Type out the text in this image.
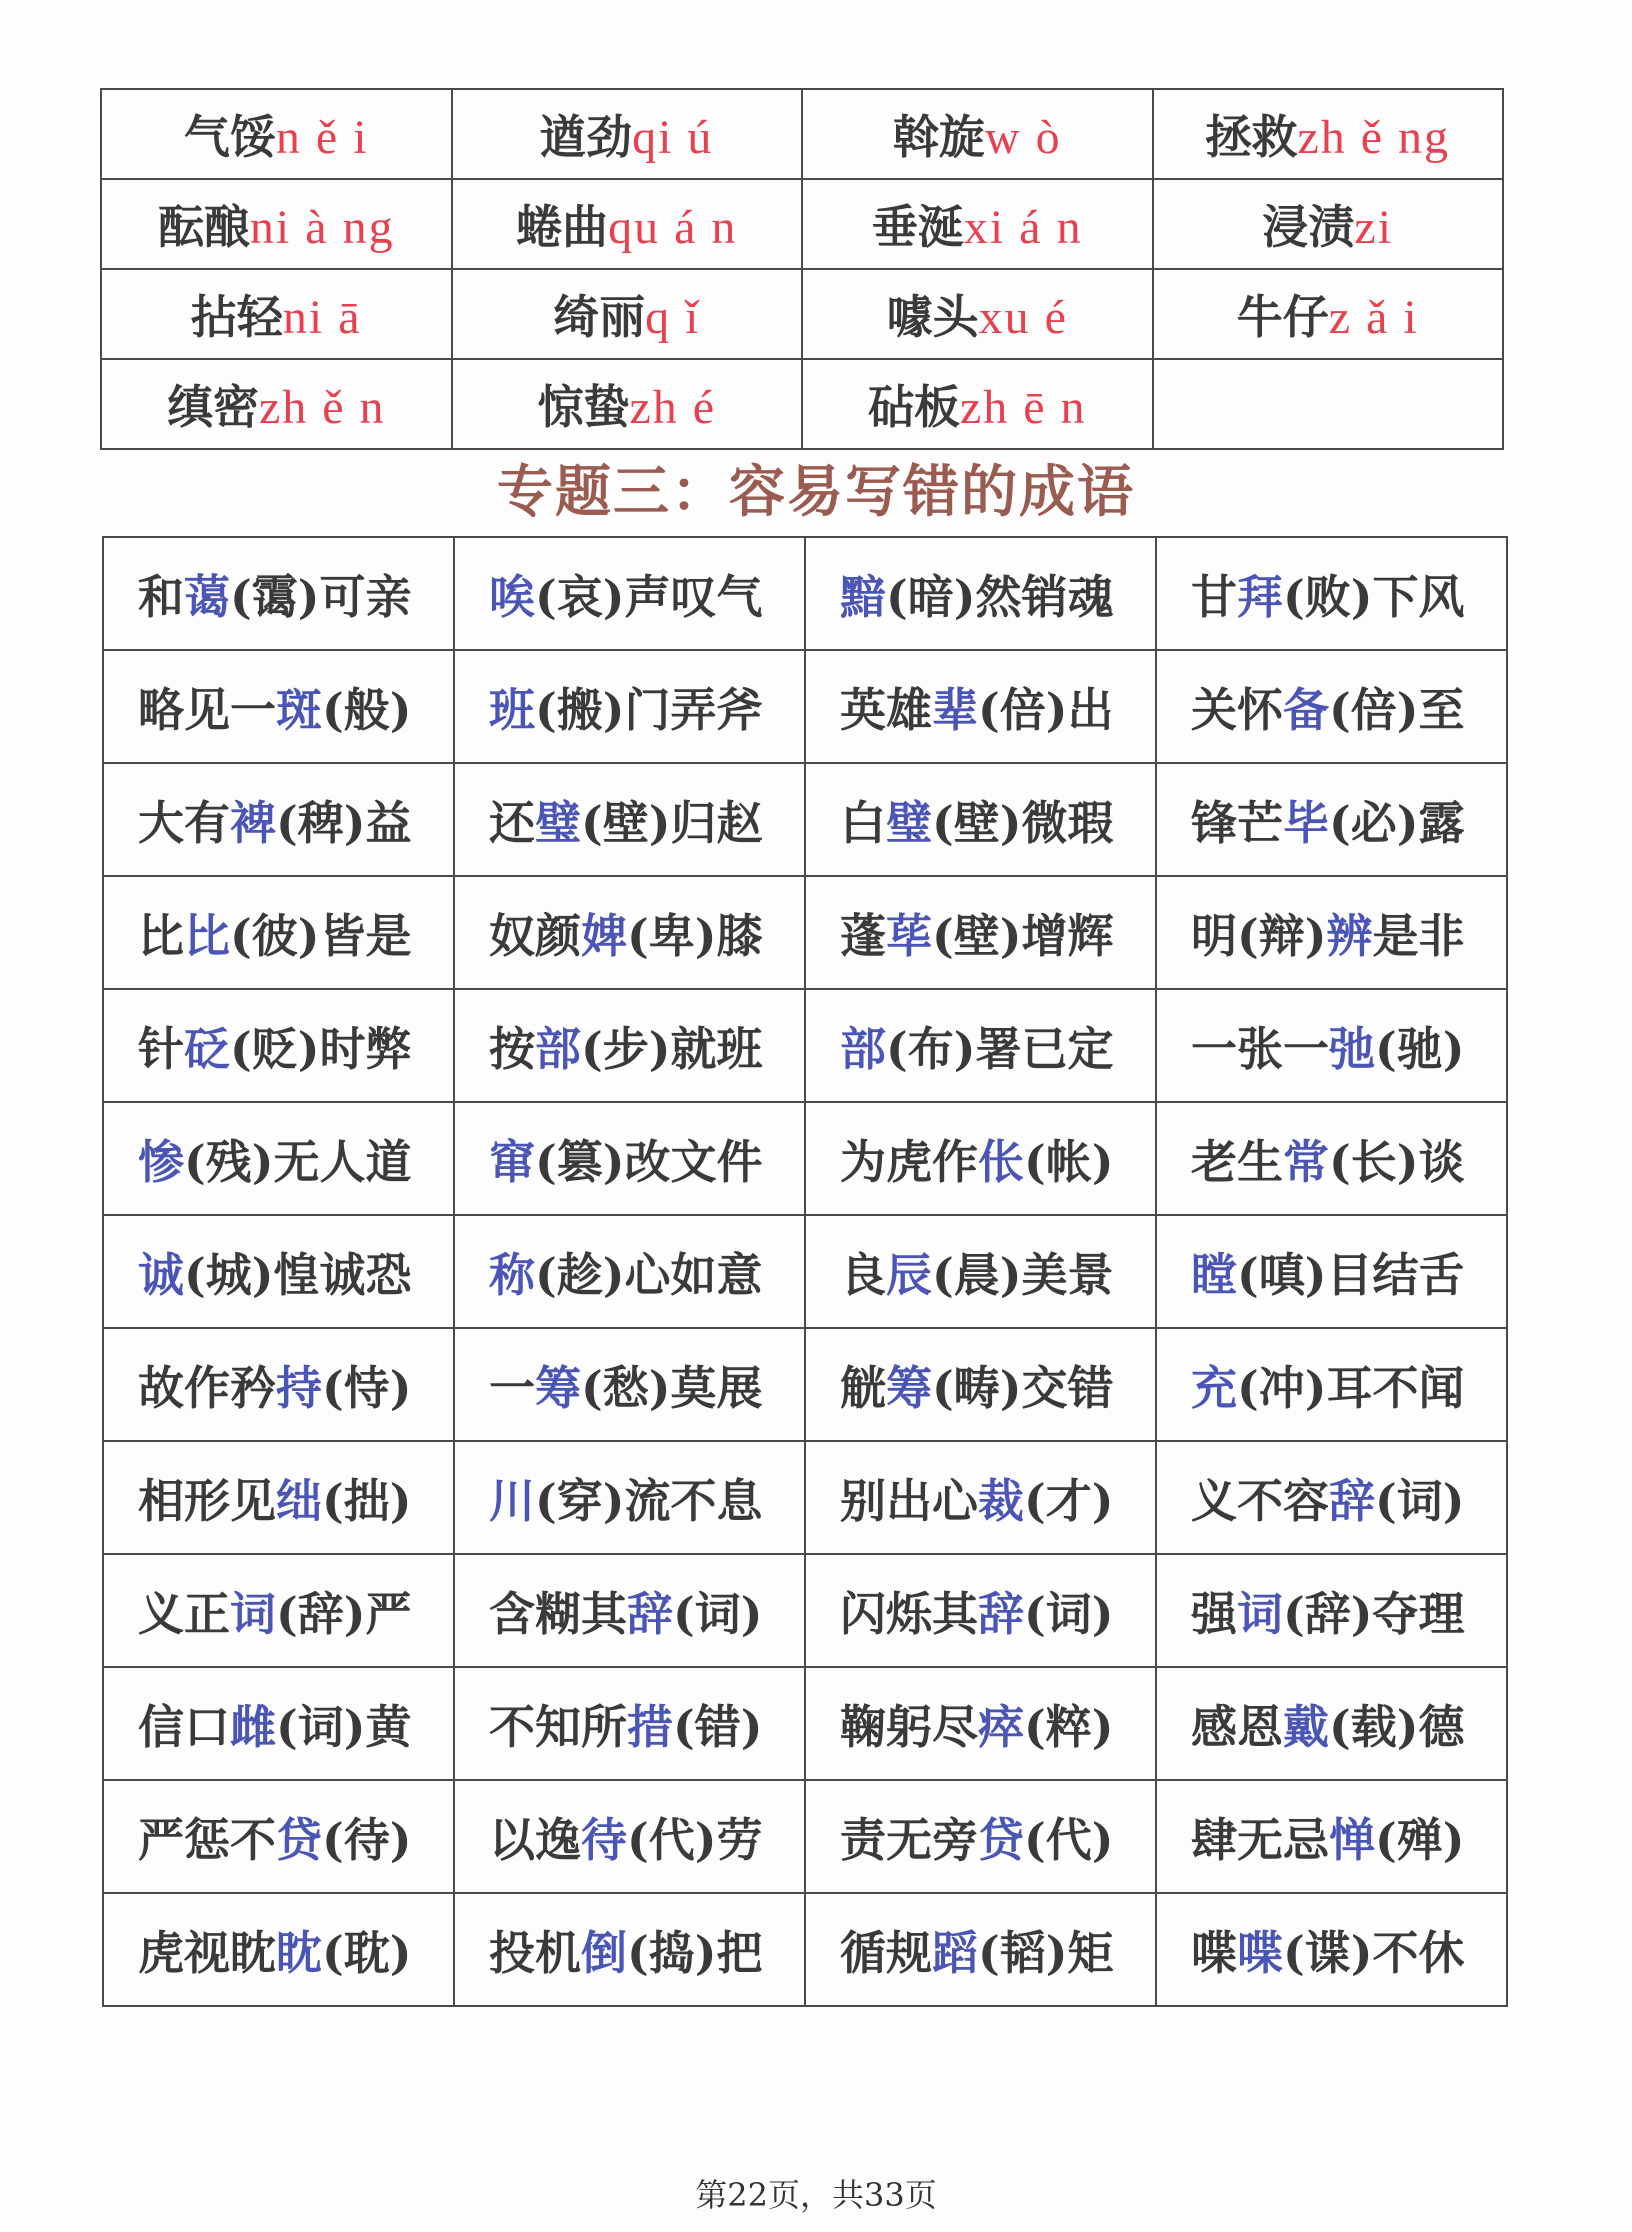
气馁n ě i	遒劲qi ú	斡旋w ò	拯救zh ě ng
酝酿ni à ng	蜷曲qu á n	垂涎xi á n	浸渍zi
拈轻ni ā	绮丽q ǐ	噱头xu é	牛仔z ǎ i
缜密zh ě n	惊蛰zh é	砧板zh ē n	
专题三：容易写错的成语
和蔼(霭)可亲	唉(哀)声叹气	黯(暗)然销魂	甘拜(败)下风
略见一斑(般)	班(搬)门弄斧	英雄辈(倍)出	关怀备(倍)至
大有裨(稗)益	还璧(壁)归赵	白璧(壁)微瑕	锋芒毕(必)露
比比(彼)皆是	奴颜婢(卑)膝	蓬荜(壁)增辉	明(辩)辨是非
针砭(贬)时弊	按部(步)就班	部(布)署已定	一张一弛(驰)
惨(残)无人道	窜(篡)改文件	为虎作伥(帐)	老生常(长)谈
诚(城)惶诚恐	称(趁)心如意	良辰(晨)美景	瞠(嗔)目结舌
故作矜持(恃)	一筹(愁)莫展	觥筹(畴)交错	充(冲)耳不闻
相形见绌(拙)	川(穿)流不息	别出心裁(才)	义不容辞(词)
义正词(辞)严	含糊其辞(词)	闪烁其辞(词)	强词(辞)夺理
信口雌(词)黄	不知所措(错)	鞠躬尽瘁(粹)	感恩戴(载)德
严惩不贷(待)	以逸待(代)劳	责无旁贷(代)	肆无忌惮(殚)
虎视眈眈(耽)	投机倒(捣)把	循规蹈(韬)矩	喋喋(谍)不休
第22页，共33页
